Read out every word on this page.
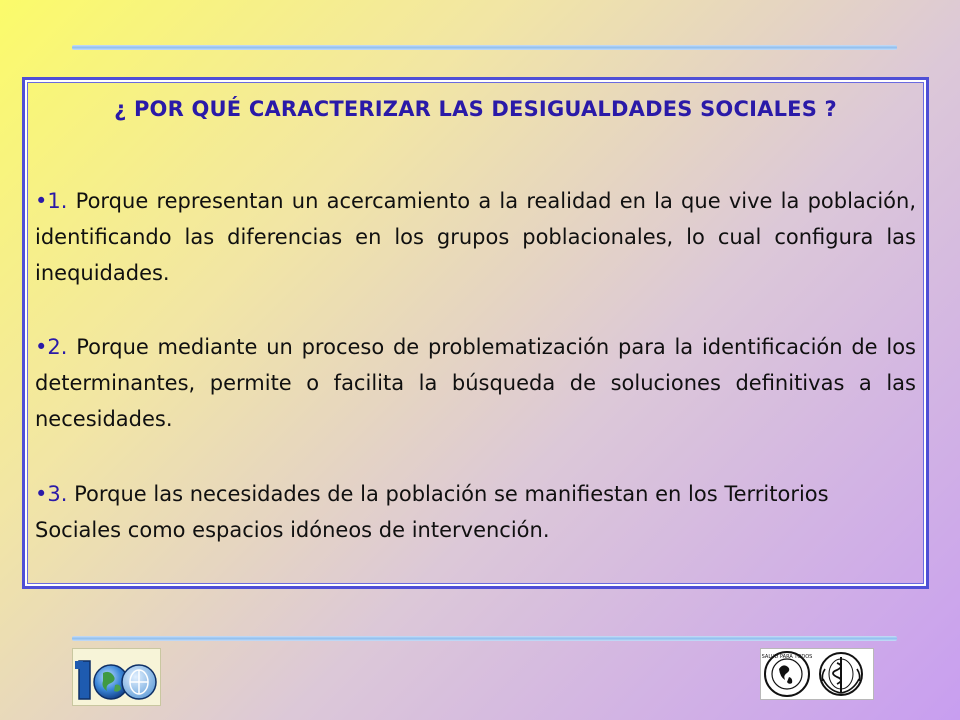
¿ POR QUÉ CARACTERIZAR LAS DESIGUALDADES SOCIALES ?

•1. Porque representan un acercamiento a la realidad en la que vive la población, identificando las diferencias en los grupos poblacionales, lo cual configura las inequidades.

•2. Porque mediante un proceso de problematización para la identificación de los determinantes, permite o facilita la búsqueda de soluciones definitivas a las necesidades.

•3. Porque las necesidades de la población se manifiestan en los Territorios Sociales como espacios idóneos de intervención.

SALUD PARA TODOS
